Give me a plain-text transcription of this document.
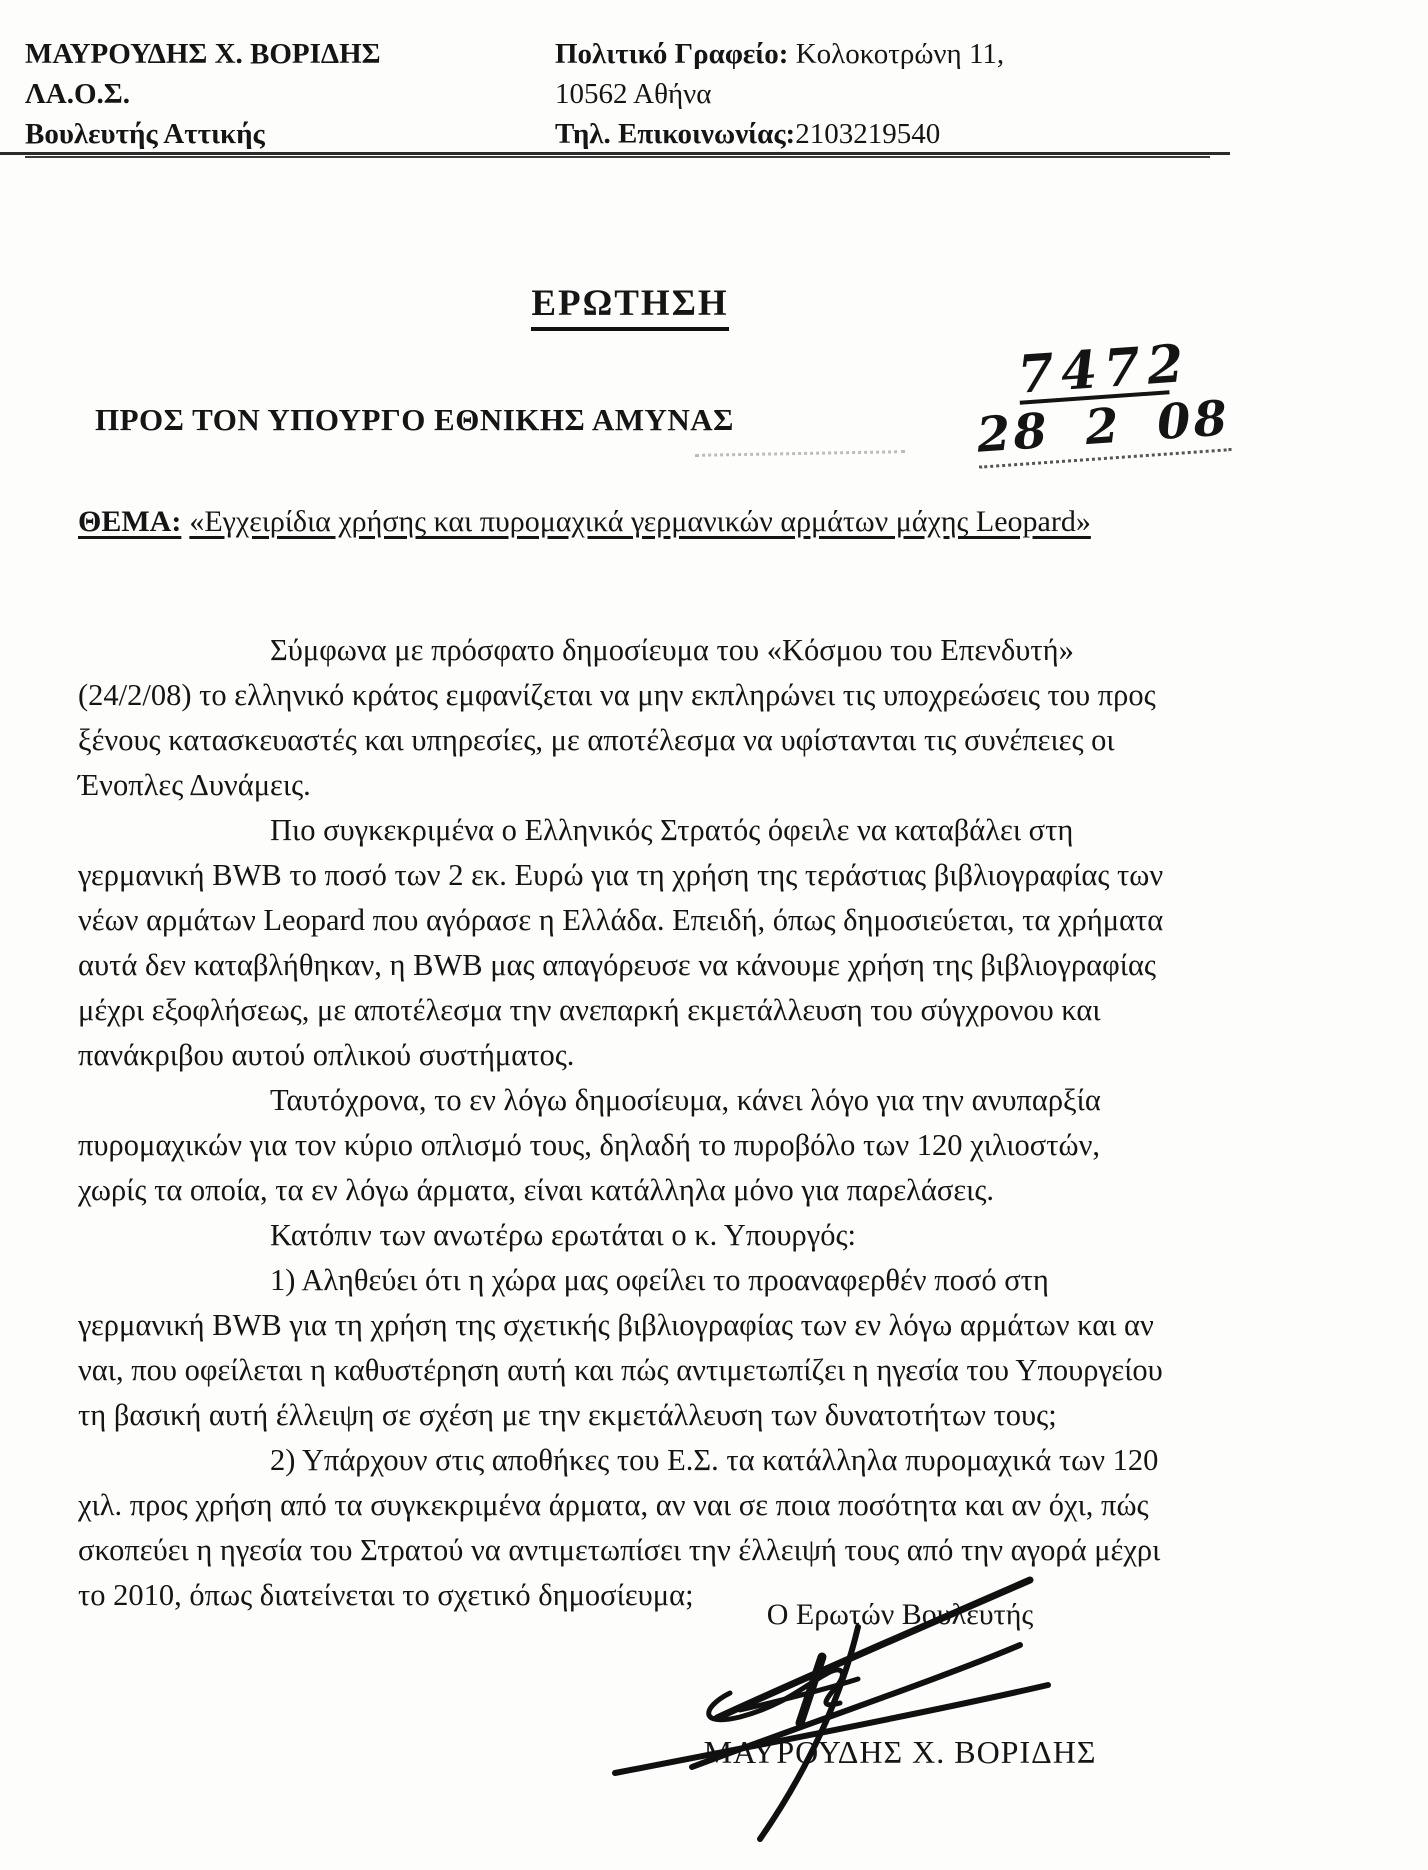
ΜΑΥΡΟΥΔΗΣ Χ. ΒΟΡΙΔΗΣ
ΛΑ.Ο.Σ.
Βουλευτής Αττικής
Πολιτικό Γραφείο: Κολοκοτρώνη 11,
10562 Αθήνα
Τηλ. Επικοινωνίας:2103219540
ΕΡΩΤΗΣΗ
ΠΡΟΣ ΤΟΝ ΥΠΟΥΡΓΟ ΕΘΝΙΚΗΣ ΑΜΥΝΑΣ
7472
28 2 08
ΘΕΜΑ: «Εγχειρίδια χρήσης και πυρομαχικά γερμανικών αρμάτων μάχης Leopard»

Σύμφωνα με πρόσφατο δημοσίευμα του «Κόσμου του Επενδυτή» (24/2/08) το ελληνικό κράτος εμφανίζεται να μην εκπληρώνει τις υποχρεώσεις του προς ξένους κατασκευαστές και υπηρεσίες, με αποτέλεσμα να υφίστανται τις συνέπειες οι Ένοπλες Δυνάμεις.

Πιο συγκεκριμένα ο Ελληνικός Στρατός όφειλε να καταβάλει στη γερμανική BWB το ποσό των 2 εκ. Ευρώ για τη χρήση της τεράστιας βιβλιογραφίας των νέων αρμάτων Leopard που αγόρασε η Ελλάδα. Επειδή, όπως δημοσιεύεται, τα χρήματα αυτά δεν καταβλήθηκαν, η BWB μας απαγόρευσε να κάνουμε χρήση της βιβλιογραφίας μέχρι εξοφλήσεως, με αποτέλεσμα την ανεπαρκή εκμετάλλευση του σύγχρονου και πανάκριβου αυτού οπλικού συστήματος.

Ταυτόχρονα, το εν λόγω δημοσίευμα, κάνει λόγο για την ανυπαρξία πυρομαχικών για τον κύριο οπλισμό τους, δηλαδή το πυροβόλο των 120 χιλιοστών, χωρίς τα οποία, τα εν λόγω άρματα, είναι κατάλληλα μόνο για παρελάσεις.

Κατόπιν των ανωτέρω ερωτάται ο κ. Υπουργός:

1) Αληθεύει ότι η χώρα μας οφείλει το προαναφερθέν ποσό στη γερμανική BWB για τη χρήση της σχετικής βιβλιογραφίας των εν λόγω αρμάτων και αν ναι, που οφείλεται η καθυστέρηση αυτή και πώς αντιμετωπίζει η ηγεσία του Υπουργείου τη βασική αυτή έλλειψη σε σχέση με την εκμετάλλευση των δυνατοτήτων τους;

2) Υπάρχουν στις αποθήκες του Ε.Σ. τα κατάλληλα πυρομαχικά των 120 χιλ. προς χρήση από τα συγκεκριμένα άρματα, αν ναι σε ποια ποσότητα και αν όχι, πώς σκοπεύει η ηγεσία του Στρατού να αντιμετωπίσει την έλλειψή τους από την αγορά μέχρι το 2010, όπως διατείνεται το σχετικό δημοσίευμα;

Ο Ερωτών Βουλευτής
ΜΑΥΡΟΥΔΗΣ Χ. ΒΟΡΙΔΗΣ
